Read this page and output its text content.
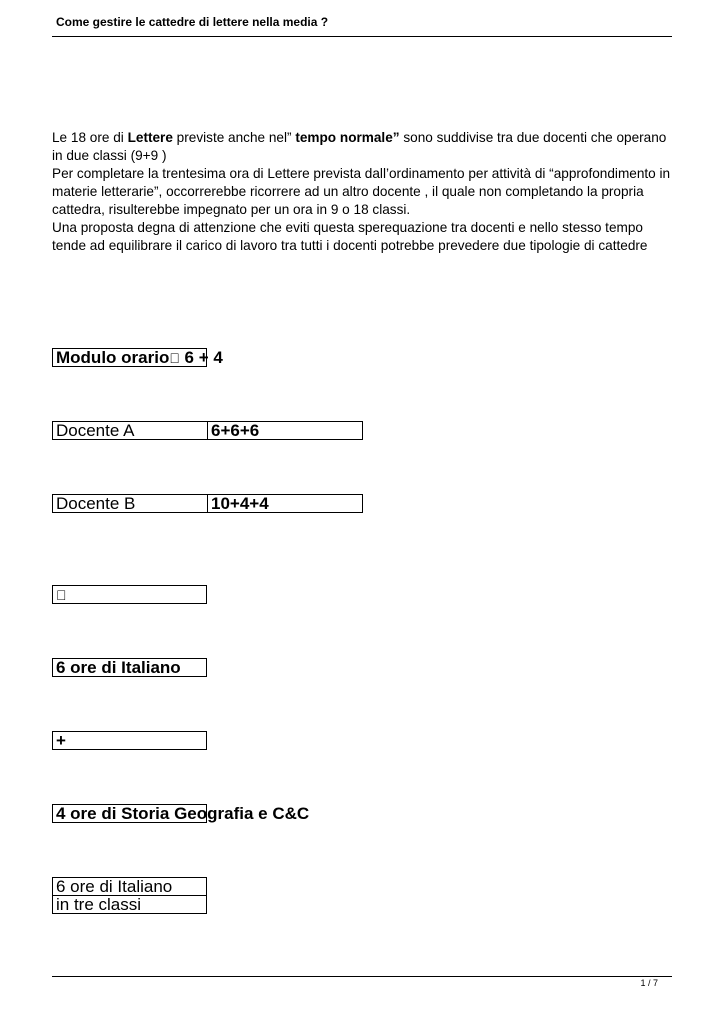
Come gestire le cattedre di lettere nella media ?

Le 18 ore di Lettere previste anche nel” tempo normale” sono suddivise tra due docenti che operano in due classi (9+9 )

Per completare la trentesima ora di Lettere prevista dall’ordinamento per attività di “approfondimento in materie letterarie”, occorrerebbe ricorrere ad un altro docente , il quale non completando la propria cattedra, risulterebbe impegnato per un ora in 9 o 18 classi.

Una proposta degna di attenzione che eviti questa sperequazione tra docenti e nello stesso tempo tende ad equilibrare il carico di lavoro tra tutti i docenti potrebbe prevedere due tipologie di cattedre

Modulo orario 6 + 4
Docente A	6+6+6
Docente B	10+4+4
6 ore di Italiano
+
4 ore di Storia Geografia e C&C
6 ore di Italiano
in tre classi
1 / 7
